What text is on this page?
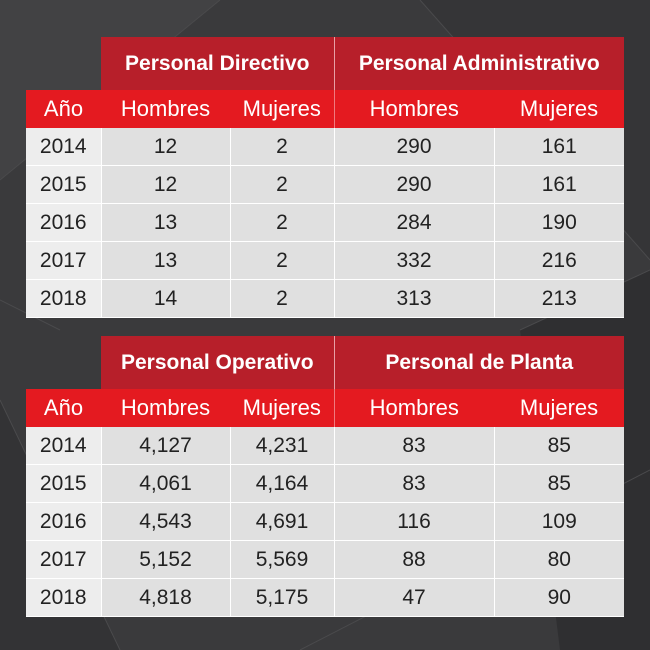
	Personal Directivo		Personal Administrativo	
Año	Hombres	Mujeres	Hombres	Mujeres
2014	12	2	290	161
2015	12	2	290	161
2016	13	2	284	190
2017	13	2	332	216
2018	14	2	313	213
	Personal Operativo		Personal de Planta	
Año	Hombres	Mujeres	Hombres	Mujeres
2014	4,127	4,231	83	85
2015	4,061	4,164	83	85
2016	4,543	4,691	116	109
2017	5,152	5,569	88	80
2018	4,818	5,175	47	90
